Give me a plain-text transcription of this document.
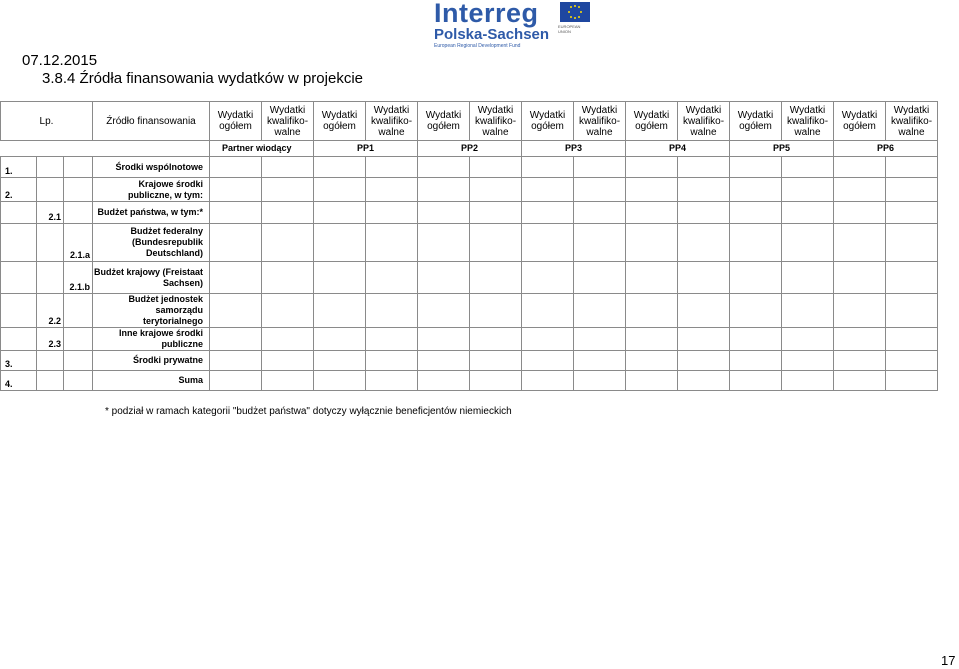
07.12.2015
3.8.4 Źródła finansowania wydatków w projekcie
Interreg
Polska-Sachsen
European Regional Development Fund
EUROPEAN UNION
Lp.			Źródło finansowania	Wydatki ogółem	Wydatki kwalifiko-walne	Wydatki ogółem	Wydatki kwalifiko-walne	Wydatki ogółem	Wydatki kwalifiko-walne	Wydatki ogółem	Wydatki kwalifiko-walne	Wydatki ogółem	Wydatki kwalifiko-walne	Wydatki ogółem	Wydatki kwalifiko-walne	Wydatki ogółem	Wydatki kwalifiko-walne
				Partner wiodący		PP1		PP2		PP3		PP4		PP5		PP6	
1.			Środki wspólnotowe														
2.			Krajowe środki publiczne, w tym:														
	2.1		Budżet państwa, w tym:*														
		2.1.a	Budżet federalny (Bundesrepublik Deutschland)														
		2.1.b	Budżet krajowy (Freistaat Sachsen)														
	2.2		Budżet jednostek samorządu terytorialnego														
	2.3		Inne krajowe środki publiczne														
3.			Środki prywatne														
4.			Suma														
* podział w ramach kategorii "budżet państwa" dotyczy wyłącznie beneficjentów niemieckich
17
